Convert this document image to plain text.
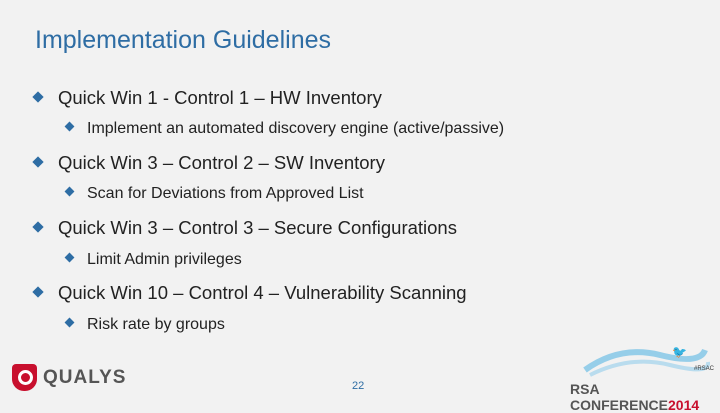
Implementation Guidelines
Quick Win 1 - Control 1 – HW Inventory
Implement an automated discovery engine (active/passive)
Quick Win 3 – Control 2 – SW Inventory
Scan for Deviations from Approved List
Quick Win 3 – Control 3 – Secure Configurations
Limit Admin privileges
Quick Win 10 – Control 4 – Vulnerability Scanning
Risk rate by groups
QUALYS	22
🐦
#RSAC
RSA CONFERENCE2014
